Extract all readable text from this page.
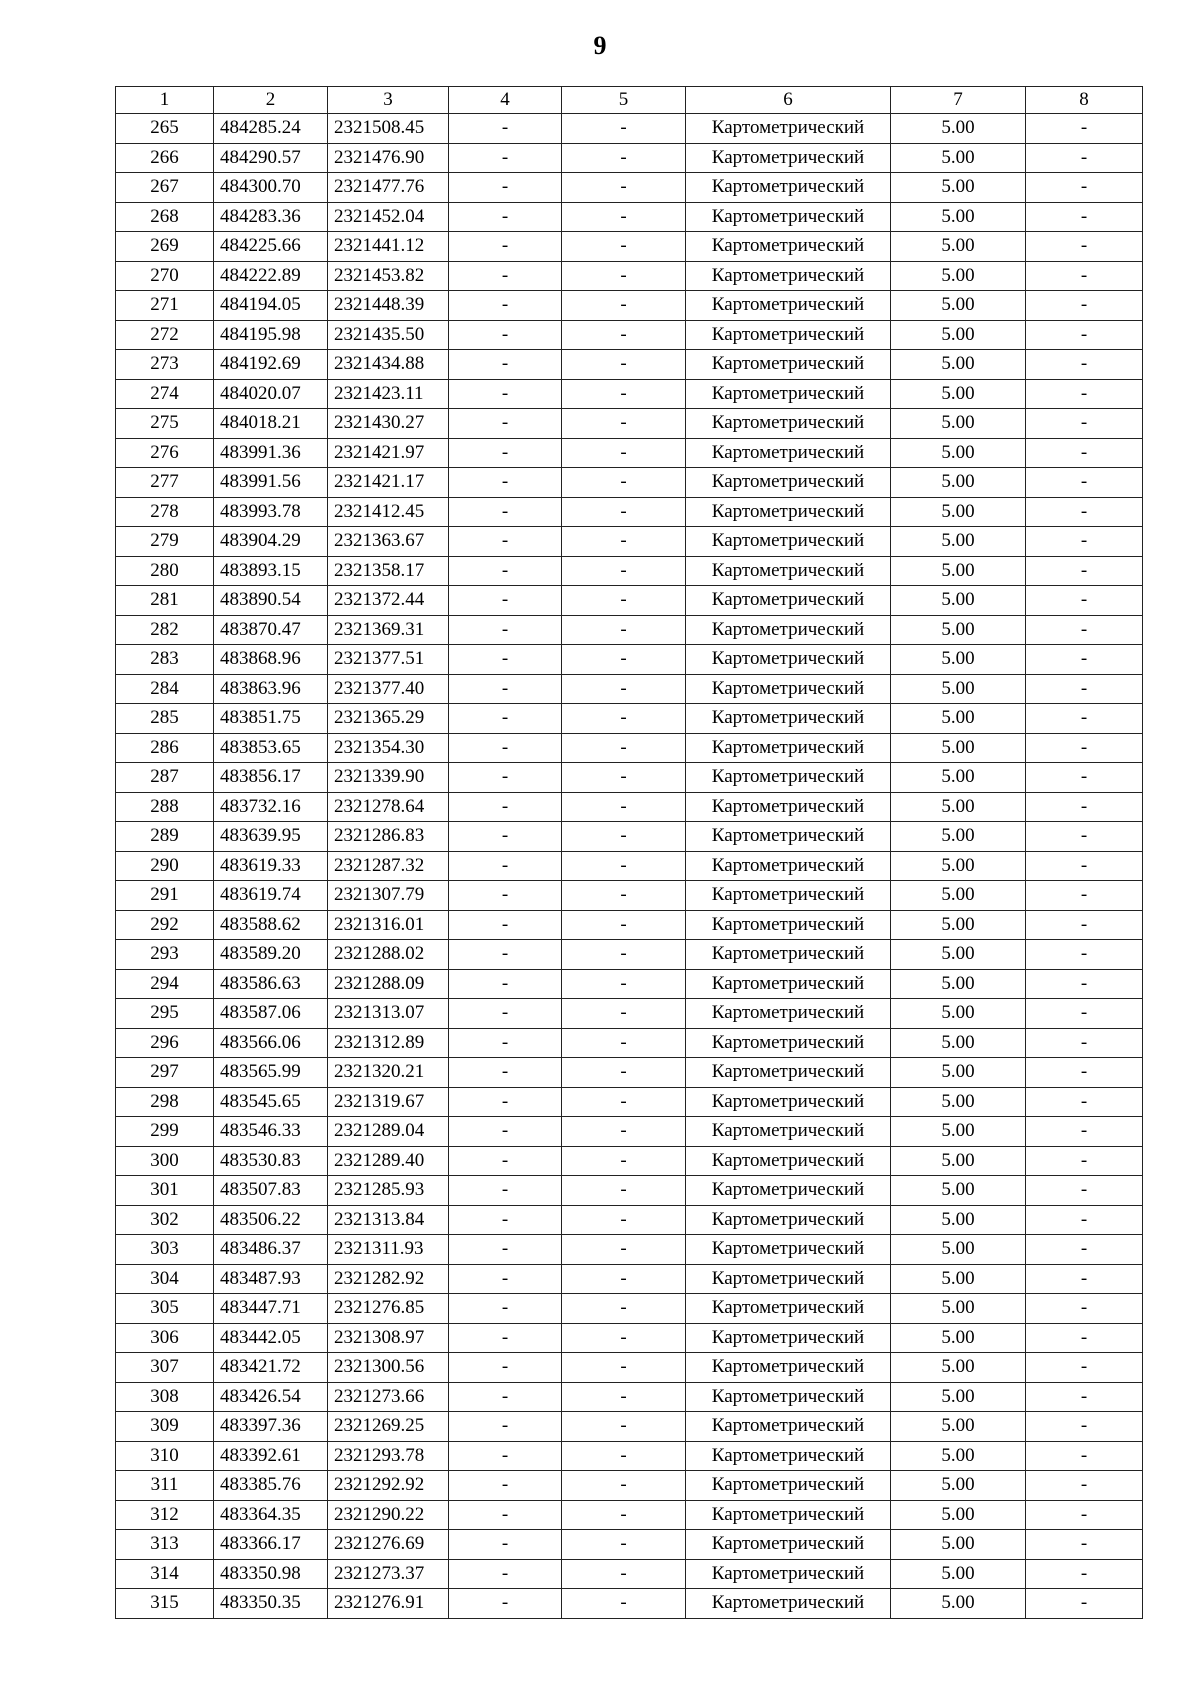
9
1	2	3	4	5	6	7	8
265	484285.24	2321508.45	-	-	Картометрический	5.00	-
266	484290.57	2321476.90	-	-	Картометрический	5.00	-
267	484300.70	2321477.76	-	-	Картометрический	5.00	-
268	484283.36	2321452.04	-	-	Картометрический	5.00	-
269	484225.66	2321441.12	-	-	Картометрический	5.00	-
270	484222.89	2321453.82	-	-	Картометрический	5.00	-
271	484194.05	2321448.39	-	-	Картометрический	5.00	-
272	484195.98	2321435.50	-	-	Картометрический	5.00	-
273	484192.69	2321434.88	-	-	Картометрический	5.00	-
274	484020.07	2321423.11	-	-	Картометрический	5.00	-
275	484018.21	2321430.27	-	-	Картометрический	5.00	-
276	483991.36	2321421.97	-	-	Картометрический	5.00	-
277	483991.56	2321421.17	-	-	Картометрический	5.00	-
278	483993.78	2321412.45	-	-	Картометрический	5.00	-
279	483904.29	2321363.67	-	-	Картометрический	5.00	-
280	483893.15	2321358.17	-	-	Картометрический	5.00	-
281	483890.54	2321372.44	-	-	Картометрический	5.00	-
282	483870.47	2321369.31	-	-	Картометрический	5.00	-
283	483868.96	2321377.51	-	-	Картометрический	5.00	-
284	483863.96	2321377.40	-	-	Картометрический	5.00	-
285	483851.75	2321365.29	-	-	Картометрический	5.00	-
286	483853.65	2321354.30	-	-	Картометрический	5.00	-
287	483856.17	2321339.90	-	-	Картометрический	5.00	-
288	483732.16	2321278.64	-	-	Картометрический	5.00	-
289	483639.95	2321286.83	-	-	Картометрический	5.00	-
290	483619.33	2321287.32	-	-	Картометрический	5.00	-
291	483619.74	2321307.79	-	-	Картометрический	5.00	-
292	483588.62	2321316.01	-	-	Картометрический	5.00	-
293	483589.20	2321288.02	-	-	Картометрический	5.00	-
294	483586.63	2321288.09	-	-	Картометрический	5.00	-
295	483587.06	2321313.07	-	-	Картометрический	5.00	-
296	483566.06	2321312.89	-	-	Картометрический	5.00	-
297	483565.99	2321320.21	-	-	Картометрический	5.00	-
298	483545.65	2321319.67	-	-	Картометрический	5.00	-
299	483546.33	2321289.04	-	-	Картометрический	5.00	-
300	483530.83	2321289.40	-	-	Картометрический	5.00	-
301	483507.83	2321285.93	-	-	Картометрический	5.00	-
302	483506.22	2321313.84	-	-	Картометрический	5.00	-
303	483486.37	2321311.93	-	-	Картометрический	5.00	-
304	483487.93	2321282.92	-	-	Картометрический	5.00	-
305	483447.71	2321276.85	-	-	Картометрический	5.00	-
306	483442.05	2321308.97	-	-	Картометрический	5.00	-
307	483421.72	2321300.56	-	-	Картометрический	5.00	-
308	483426.54	2321273.66	-	-	Картометрический	5.00	-
309	483397.36	2321269.25	-	-	Картометрический	5.00	-
310	483392.61	2321293.78	-	-	Картометрический	5.00	-
311	483385.76	2321292.92	-	-	Картометрический	5.00	-
312	483364.35	2321290.22	-	-	Картометрический	5.00	-
313	483366.17	2321276.69	-	-	Картометрический	5.00	-
314	483350.98	2321273.37	-	-	Картометрический	5.00	-
315	483350.35	2321276.91	-	-	Картометрический	5.00	-
